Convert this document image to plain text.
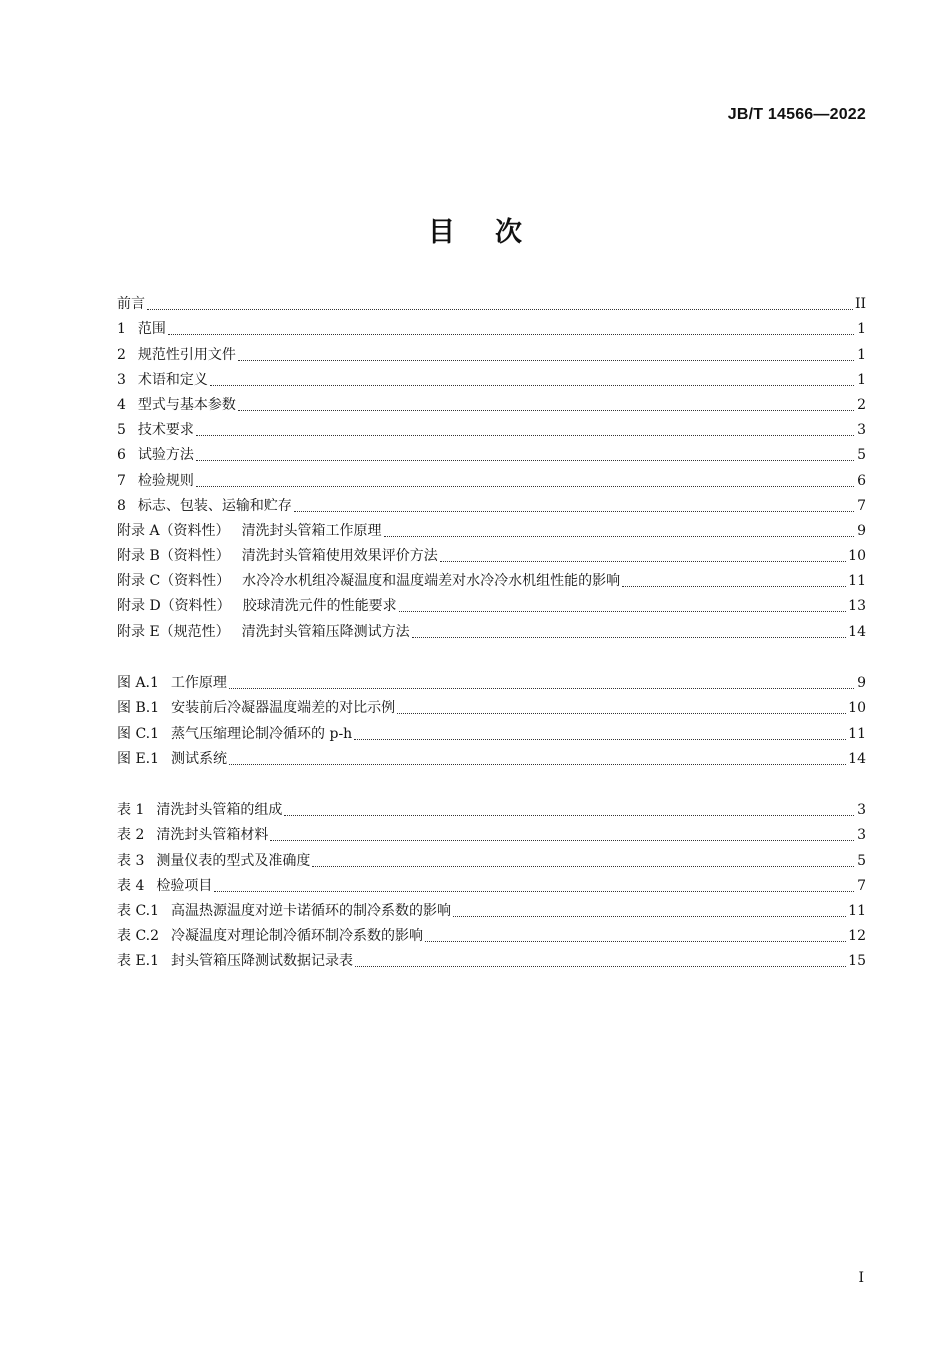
JB/T 14566—2022
目次
前言	II
1 范围	1
2 规范性引用文件	1
3 术语和定义	1
4 型式与基本参数	2
5 技术要求	3
6 试验方法	5
7 检验规则	6
8 标志、包装、运输和贮存	7
附录 A（资料性） 清洗封头管箱工作原理	9
附录 B（资料性） 清洗封头管箱使用效果评价方法	10
附录 C（资料性） 水冷冷水机组冷凝温度和温度端差对水冷冷水机组性能的影响	11
附录 D（资料性） 胶球清洗元件的性能要求	13
附录 E（规范性） 清洗封头管箱压降测试方法	14
图 A.1 工作原理	9
图 B.1 安装前后冷凝器温度端差的对比示例	10
图 C.1 蒸气压缩理论制冷循环的 p-h	11
图 E.1 测试系统	14
表 1 清洗封头管箱的组成	3
表 2 清洗封头管箱材料	3
表 3 测量仪表的型式及准确度	5
表 4 检验项目	7
表 C.1 高温热源温度对逆卡诺循环的制冷系数的影响	11
表 C.2 冷凝温度对理论制冷循环制冷系数的影响	12
表 E.1 封头管箱压降测试数据记录表	15
I
